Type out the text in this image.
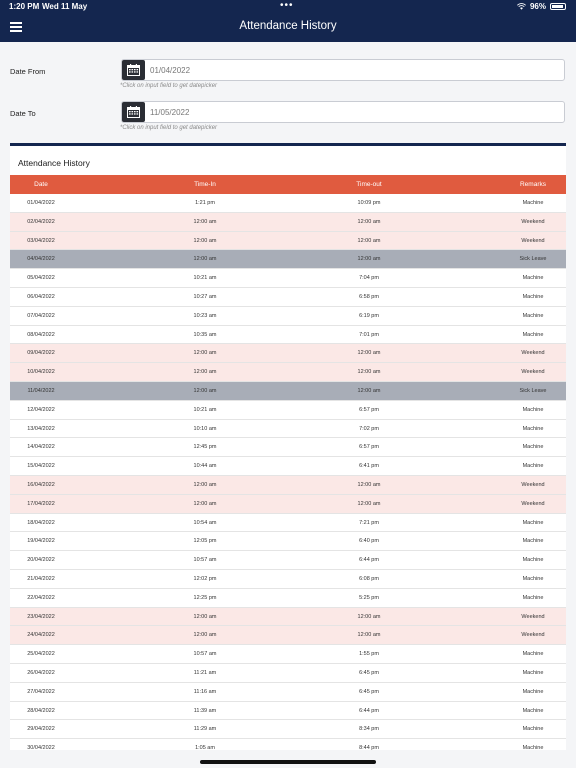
1:20 PM Wed 11 May	•••	96%
Attendance History
Date From
01/04/2022
*Click on input field to get datepicker
Date To
11/05/2022
*Click on input field to get datepicker
Attendance History
Date	Time-In	Time-out	Remarks
01/04/2022	1:21 pm	10:09 pm	Machine
02/04/2022	12:00 am	12:00 am	Weekend
03/04/2022	12:00 am	12:00 am	Weekend
04/04/2022	12:00 am	12:00 am	Sick Leave
05/04/2022	10:21 am	7:04 pm	Machine
06/04/2022	10:27 am	6:58 pm	Machine
07/04/2022	10:23 am	6:19 pm	Machine
08/04/2022	10:35 am	7:01 pm	Machine
09/04/2022	12:00 am	12:00 am	Weekend
10/04/2022	12:00 am	12:00 am	Weekend
11/04/2022	12:00 am	12:00 am	Sick Leave
12/04/2022	10:21 am	6:57 pm	Machine
13/04/2022	10:10 am	7:02 pm	Machine
14/04/2022	12:45 pm	6:57 pm	Machine
15/04/2022	10:44 am	6:41 pm	Machine
16/04/2022	12:00 am	12:00 am	Weekend
17/04/2022	12:00 am	12:00 am	Weekend
18/04/2022	10:54 am	7:21 pm	Machine
19/04/2022	12:05 pm	6:40 pm	Machine
20/04/2022	10:57 am	6:44 pm	Machine
21/04/2022	12:02 pm	6:08 pm	Machine
22/04/2022	12:25 pm	5:25 pm	Machine
23/04/2022	12:00 am	12:00 am	Weekend
24/04/2022	12:00 am	12:00 am	Weekend
25/04/2022	10:57 am	1:55 pm	Machine
26/04/2022	11:21 am	6:45 pm	Machine
27/04/2022	11:16 am	6:45 pm	Machine
28/04/2022	11:39 am	6:44 pm	Machine
29/04/2022	11:29 am	8:34 pm	Machine
30/04/2022	1:05 am	8:44 pm	Machine
